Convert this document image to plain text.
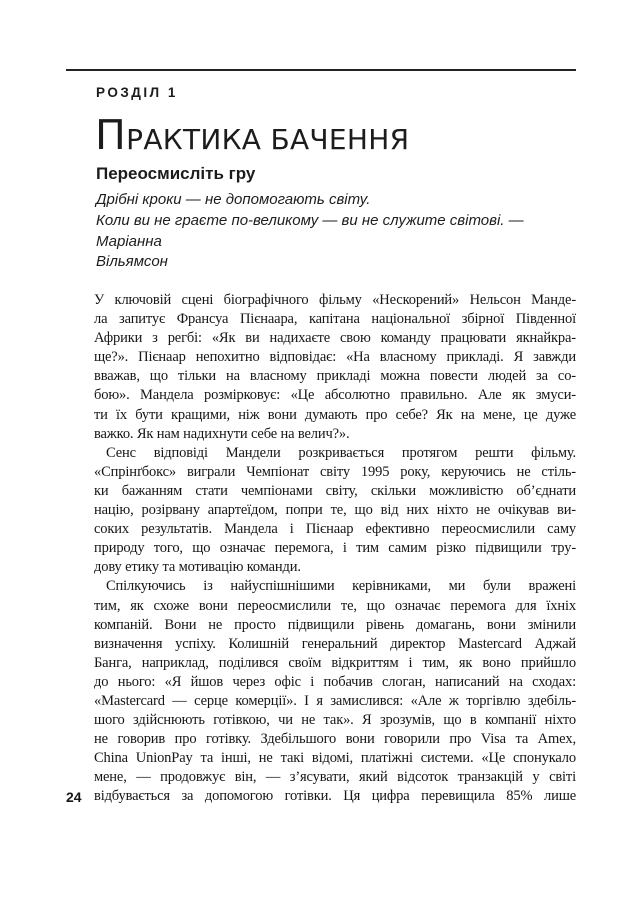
РОЗДІЛ 1
ПРАКТИКА БАЧЕННЯ
Переосмисліть гру
Дрібні кроки — не допомогають світу.
Коли ви не граєте по-великому — ви не служите світові. — Маріанна
Вільямсон
У ключовій сцені біографічного фільму «Нескорений» Нельсон Манде-
ла запитує Франсуа Пієнаара, капітана національної збірної Південної
Африки з регбі: «Як ви надихаєте свою команду працювати якнайкра-
ще?». Пієнаар непохитно відповідає: «На власному прикладі. Я завжди
вважав, що тільки на власному прикладі можна повести людей за со-
бою». Мандела розмірковує: «Це абсолютно правильно. Але як змуси-
ти їх бути кращими, ніж вони думають про себе? Як на мене, це дуже
важко. Як нам надихнути себе на велич?».
Сенс відповіді Мандели розкривається протягом решти фільму.
«Спрінґбокс» виграли Чемпіонат світу 1995 року, керуючись не стіль-
ки бажанням стати чемпіонами світу, скільки можливістю об’єднати
націю, розірвану апартеїдом, попри те, що від них ніхто не очікував ви-
соких результатів. Мандела і Пієнаар ефективно переосмислили саму
природу того, що означає перемога, і тим самим різко підвищили тру-
дову етику та мотивацію команди.
Спілкуючись із найуспішнішими керівниками, ми були вражені
тим, як схоже вони переосмислили те, що означає перемога для їхніх
компаній. Вони не просто підвищили рівень домагань, вони змінили
визначення успіху. Колишній генеральний директор Mastercard Аджай
Банга, наприклад, поділився своїм відкриттям і тим, як воно прийшло
до нього: «Я йшов через офіс і побачив слоган, написаний на сходах:
«Mastercard — серце комерції». І я замислився: «Але ж торгівлю здебіль-
шого здійснюють готівкою, чи не так». Я зрозумів, що в компанії ніхто
не говорив про готівку. Здебільшого вони говорили про Visa та Amex,
China UnionPay та інші, не такі відомі, платіжні системи. «Це спонукало
мене, — продовжує він, — з’ясувати, який відсоток транзакцій у світі
відбувається за допомогою готівки. Ця цифра перевищила 85% лише
24
